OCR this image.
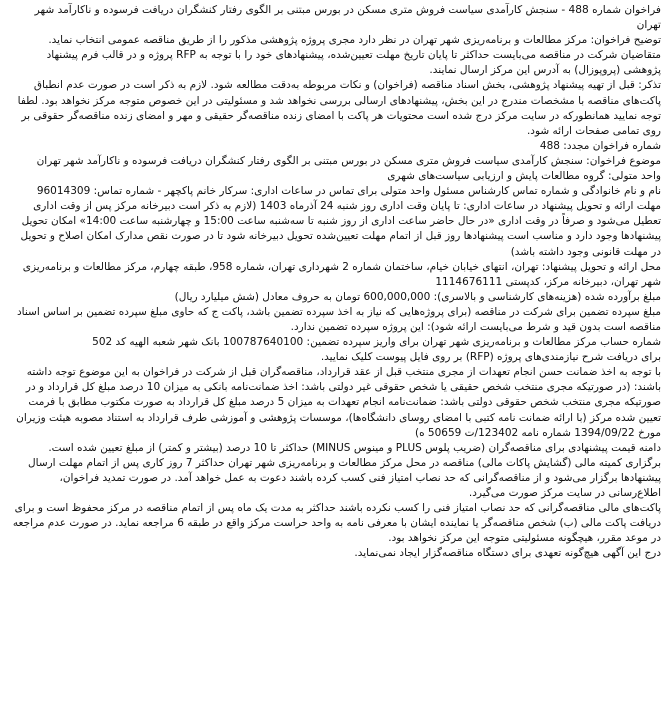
فراخوان شماره 488 - سنجش کارآمدی سیاست فروش متری مسکن در بورس مبتنی بر الگوی رفتار کنشگران دریافت فرسوده و ناکارآمد شهر تهران

توضیح فراخوان: مرکز مطالعات و برنامه‌ریزی شهر تهران در نظر دارد مجری پروژه پژوهشی مذکور را از طریق مناقصه عمومی انتخاب نماید. متقاضیان شرکت در مناقصه می‌بایست حداکثر تا پایان تاریخ مهلت تعیین‌شده، پیشنهادهای خود را با توجه به RFP پروژه و در قالب فرم پیشنهاد پژوهشی (پروپوزال) به آدرس این مرکز ارسال نمایند.

تذکر: قبل از تهیه پیشنهاد پژوهشی، بخش اسناد مناقصه (فراخوان) و نکات مربوطه به‌دقت مطالعه شود. لازم به ذکر است در صورت عدم انطباق پاکت‌های مناقصه با مشخصات مندرج در این بخش، پیشنهادهای ارسالی بررسی نخواهد شد و مسئولیتی در این خصوص متوجه مرکز نخواهد بود. لطفا توجه نمایید همانطورکه در سایت مرکز درج شده است محتویات هر پاکت با امضای زنده مناقصه‌گر حقیقی و مهر و امضای زنده مناقصه‌گر حقوقی بر روی تمامی صفحات ارائه شود.

شماره فراخوان مجدد: 488

موضوع فراخوان: سنجش کارآمدی سیاست فروش متری مسکن در بورس مبتنی بر الگوی رفتار کنشگران دریافت فرسوده و ناکارآمد شهر تهران

واحد متولی: گروه مطالعات پایش و ارزیابی سیاست‌های شهری

نام و نام خانوادگی و شماره تماس کارشناس مسئول واحد متولی برای تماس در ساعات اداری: سرکار خانم پاکچهر - شماره تماس: 96014309

مهلت ارائه و تحویل پیشنهاد در ساعات اداری: تا پایان وقت اداری روز شنبه 24 آذرماه 1403 (لازم به ذکر است دبیرخانه مرکز پس از وقت اداری تعطیل می‌شود و صرفاً در وقت اداری «در حال حاضر ساعت اداری از روز شنبه تا سه‌شنبه ساعت 15:00 و چهارشنبه ساعت 14:00» امکان تحویل پیشنهادها وجود دارد و مناسب است پیشنهادها روز قبل از اتمام مهلت تعیین‌شده تحویل دبیرخانه شود تا در صورت نقص مدارک امکان اصلاح و تحویل در مهلت قانونی وجود داشته باشد)

محل ارائه و تحویل پیشنهاد: تهران، انتهای خیابان خیام، ساختمان شماره 2 شهرداری تهران، شماره 958، طبقه چهارم، مرکز مطالعات و برنامه‌ریزی شهر تهران، دبیرخانه مرکز، کدپستی 1114676111

مبلغ برآورده شده (هزینه‌های کارشناسی و بالاسری): 600,000,000 تومان به حروف معادل (شش میلیارد ریال)

مبلغ سپرده تضمین برای شرکت در مناقصه (برای پروژه‌هایی که نیاز به اخذ سپرده تضمین باشد، پاکت ج که حاوی مبلغ سپرده تضمین بر اساس اسناد مناقصه است بدون قید و شرط می‌بایست ارائه شود): این پروژه سپرده تضمین ندارد.

شماره حساب مرکز مطالعات و برنامه‌ریزی شهر تهران برای واریز سپرده تضمین: 100787640100 بانک شهر شعبه الهیه کد 502

برای دریافت شرح نیازمندی‌های پروژه (RFP) بر روی فایل پیوست کلیک نمایید.

با توجه به اخذ ضمانت حسن انجام تعهدات از مجری منتخب قبل از عقد قرارداد، مناقصه‌گران قبل از شرکت در فراخوان به این موضوع توجه داشته باشند: (در صورتیکه مجری منتخب شخص حقیقی یا شخص حقوقی غیر دولتی باشد: اخذ ضمانت‌نامه بانکی به میزان 10 درصد مبلغ کل قرارداد و در صورتیکه مجری منتخب شخص حقوقی دولتی باشد: ضمانت‌نامه انجام تعهدات به میزان 5 درصد مبلغ کل قرارداد به صورت مکتوب مطابق با فرمت تعیین شده مرکز (با ارائه ضمانت نامه کتبی با امضای روسای دانشگاه‌ها)، موسسات پژوهشی و آموزشی طرف قرارداد به استناد مصوبه هیئت وزیران مورخ 1394/09/22 شماره نامه 123402/ت 50659 ه)

دامنه قیمت پیشنهادی برای مناقصه‌گران (ضریب پلوس PLUS و مینوس MINUS) حداکثر تا 10 درصد (بیشتر و کمتر) از مبلغ تعیین شده است.

برگزاری کمیته مالی (گشایش پاکات مالی) مناقصه در محل مرکز مطالعات و برنامه‌ریزی شهر تهران حداکثر 7 روز کاری پس از اتمام مهلت ارسال پیشنهادها برگزار می‌شود و از مناقصه‌گرانی که حد نصاب امتیاز فنی کسب کرده باشند دعوت به عمل خواهد آمد. در صورت تمدید فراخوان، اطلاع‌رسانی در سایت مرکز صورت می‌گیرد.

پاکت‌های مالی مناقصه‌گرانی که حد نصاب امتیاز فنی را کسب نکرده باشند حداکثر به مدت یک ماه پس از اتمام مناقصه در مرکز محفوظ است و برای دریافت پاکت مالی (ب) شخص مناقصه‌گر یا نماینده ایشان با معرفی نامه به واحد حراست مرکز واقع در طبقه 6 مراجعه نماید. در صورت عدم مراجعه در موعد مقرر، هیچگونه مسئولیتی متوجه این مرکز نخواهد بود.

درج این آگهی هیچ‌گونه تعهدی برای دستگاه مناقصه‌گزار ایجاد نمی‌نماید.
